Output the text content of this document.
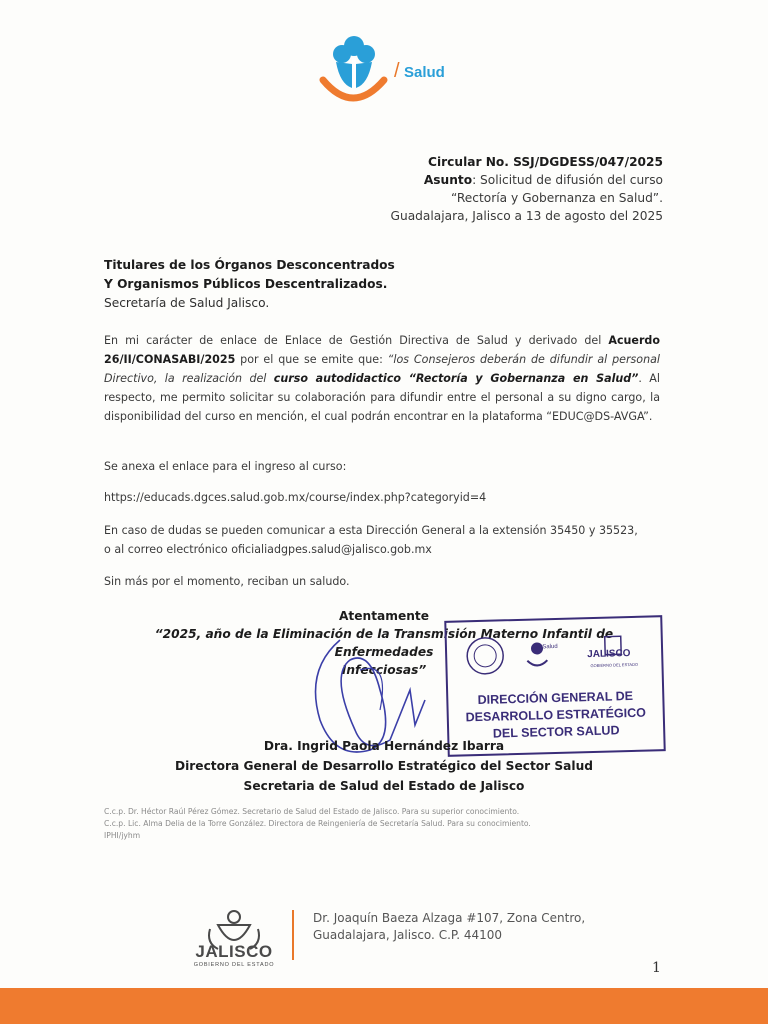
/ Salud
Circular No. SSJ/DGDESS/047/2025
Asunto: Solicitud de difusión del curso
“Rectoría y Gobernanza en Salud”.
Guadalajara, Jalisco a 13 de agosto del 2025
Titulares de los Órganos Desconcentrados
Y Organismos Públicos Descentralizados.
Secretaría de Salud Jalisco.
En mi carácter de enlace de Enlace de Gestión Directiva de Salud y derivado del Acuerdo 26/II/CONASABI/2025 por el que se emite que: “los Consejeros deberán de difundir al personal Directivo, la realización del curso autodidactico “Rectoría y Gobernanza en Salud”. Al respecto, me permito solicitar su colaboración para difundir entre el personal a su digno cargo, la disponibilidad del curso en mención, el cual podrán encontrar en la plataforma “EDUC@DS-AVGA”.
Se anexa el enlace para el ingreso al curso:
https://educads.dgces.salud.gob.mx/course/index.php?categoryid=4
En caso de dudas se pueden comunicar a esta Dirección General a la extensión 35450 y 35523,
o al correo electrónico oficialiadgpes.salud@jalisco.gob.mx
Sin más por el momento, reciban un saludo.
Atentamente
“2025, año de la Eliminación de la Transmisión Materno Infantil de Enfermedades
Infecciosas”
/ Salud
JALISCO
GOBIERNO DEL ESTADO
DIRECCIÓN GENERAL DE
DESARROLLO ESTRATÉGICO
DEL SECTOR SALUD
Dra. Ingrid Paola Hernández Ibarra
Directora General de Desarrollo Estratégico del Sector Salud
Secretaria de Salud del Estado de Jalisco
C.c.p. Dr. Héctor Raúl Pérez Gómez. Secretario de Salud del Estado de Jalisco. Para su superior conocimiento.
C.c.p. Lic. Alma Delia de la Torre González. Directora de Reingeniería de Secretaría Salud. Para su conocimiento.
IPHI/jyhm
JALISCO
GOBIERNO DEL ESTADO
Dr. Joaquín Baeza Alzaga #107, Zona Centro,
Guadalajara, Jalisco. C.P. 44100
1
